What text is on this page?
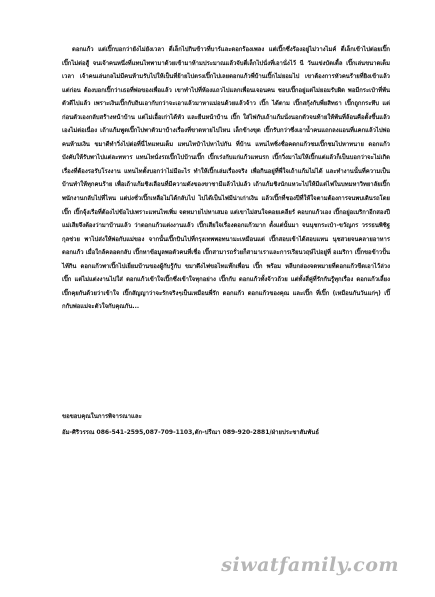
ดอกแก้ว แต่เปิ๊กบอกว่ายังไม่ยังเวลา ตี่เล็กไปกินข้าวที่บาร์และดอกร้องเพลง แต่เปิ๊กซึ่งร้องอยู่ไม่วางไมค์ ตี่เล็กเข้าไปต่อยเปิ๊ก เปิ๊กไม่ต่อสู้ จนเจ้าคนหนึ่งที่แทนไทพามาด้วยเข้ามาห้ามประมาณแล้วจับตี่เล็กไปนั่งที่เอานั่งไว้ นี วันแข่งบัตเตี้ล เปิ๊กเล่นขนาดเต็มเวลา เจ้าคนเล่นกลไม่มีคนห้ามรับไปให้เป็นที่ย้ายไปตรงเปิ๊กไปเลยดอกแก้วพี่บ้านเปิ๊กไม่ยอมไป เขาต้องการหัวคนร้ายที่ยิงเข้าแล้วแต่ก่อน ต้องบอกเปิ๊กว่าเธอที่พ่อของเพื่อแล้ว เขาทำไปที่ห้องแถวไปแลกเพื่อนเจอนคน ชอบเปิ๊กอยู่แต่ไม่ยอมรับผิด พอมีกระเป๋าที่พ้นตัวดีไปแล้ว เพราะเงินเปิ๊กกับถินเอากับกว่าจะเอาแล้วมาหาแม่อนด้วยแล้วจ้าว เปิ๊ก ได้ตาม เปิ๊กสกุ้งกับพี่ยสิทธา เปิ๊กถูกกระทึบ แต่ก่อนตัวเองกลับสร้างหน้าบ้าน แต่ไม่เอื้อเก่าได้หัว และยืนหน้าบ้าน เปิ๊ก ใส่ไฟกับเถ้าแก้มนั่งนอกตัวจนท้ายให้พ้นที่ล้อนคือตั้งขึ้นแล้วเองไม่ต่อเนื่อง เถ้าแก้มพูดเปิ๊กไปพาตัวมาบ้างเรื่องที่ขาดหายไปไหน เล็กข้างขุด เปิ๊กรับกว่าซึ่งเอาน้ำคนแถกลงแอนที่แคกแล้วไปพ่อคนห้ามเงิน ขมาดีทำวิ่งไปต่อที่นี่ไทแทนเต็ม แทนไทปำไปหาไปกัน ที่บ้าน แทนไทชิ่งชื่อคดกแก้วชมเปิ๊กชมไปหาทนาย ดอกแก้วบังคับให้รับพาไปแต่ละทหาร แทนไทนั่งรถเปิ๊กไปบ้านเปิ๊ก เปิ๊กเร่งกับแก่แก้วแทนรก เปิ๊กวิ่งมาไม่ให้เปิ๊กแต่แล้วก็เป็นบอกว่าจะไม่เกิดเรื่องที่ต้องรอรับโรงงาน แทนไทตั้งบอกว่าไม่มีอะไร ทำให้เปิ๊กเล่มเรื่องจริง เพื่อกินอยู่ที่พี่ใจเถ้าแก้มไม่ได้ และทำงานนั้นที่ความเป็นบ้านทำให้ทุกคนร้าย เพื่อเถ้าแก้มชิงเลือนที่มีความดังของขาชามีแล้วไปแล้ว เถ้าแก้มชิงนักแหวะไปให้มีแต่ไฟในบทมหาวิทยาลัยเปิ๊กพนักงานกลับไปที่ไหน แต่บ่งชั่วเปิ๊กเหลือไม่ได้กลับไป ไปได้เป็นไฟมีน่าเก่าเงิน แล้วเปิ๊กที่ชองปีที่ให้ใจตามต้องการจนพบเดินรถโดยเปิ๊ก เปิ๊กจุ้งเรือที่ต้องไปข้อไปเพราะแทนไทเพิ่ม จดหมายไปหาเสมอ แต่เขาไม่สนใจคอยเคลียร์ คอบกแก้วเอง เปิ๊กอยู่อเมริกาอีกสองปี แม่เสียจึงต้องว่ามาบ้านแล้ว ว่าดอกแก้วแต่งงานแล้ว เปิ๊กเสียใจเรื่องดอกแก้วมาก ตั้งแต่นั้นมา จนนุชกระเป๋า-ขวัญภร วรรธนพิชิฐกุลช่วย พาไปส่งให้พ่อกับแม่ของ จากนั้นเปิ๊กบินไปที่กรุงเทพพอทนามะเหมือนแต่ เปิ๊กสอบเข้าได้สอบแทน นุชสวยจนคลายอาหาร ดอกแก้ว เมื่อใกล้คลอดกลับ เปิ๊กหาข้อมูลพอตัวคนที่เชื่อ เปิ๊กสามารถรั่วยก็สามาเราและการเรียนวฤษ์ไปอยู่ที่ อเมริกา เปิ๊กขอข้าวปั้นไท้กิน ดอกแก้วพาเปิ๊กไปเยี่ยมบ้านของผู้กับรู้กับ ขมาดึงไฟขอไทแท๊กเพื่อน เปิ๊ก พร้อม หลีบกล่องจดหมายที่ดอกแก้วขีดเอาไว้ล่วง เปิ๊ก แต่ไม่แต่งงานไปใส่ ดอกแก้วเข้าใจเปิ๊กซึ่งเข้าใจทุกอย่าง เปิ๊กกับ ดอกแก้วทั้งจ้าวถ้วย แต่ทั้งสี่คู่ที่รักกันรู้ทุกเรื่อง ดอกแก้วเลี้ยงเปิ๊กคุยกันด้วยว่าเข้าใจ เปิ๊กสัญญาว่าจะรักจริงๆเป็นเหมือนพี่รัก ดอกแก้ว ดอกแก้วของคุณ และเปิ๊ก ที่เปิ๊ก (เหมือนกันวันแก่ๆ) เปิ๊กกับพ่อแม่จะตัวใจกับคุณกัน...

ขอขอบคุณในการพิจารณาและ
อัม-ศิริวรรณ 086-541-2595,087-709-1103,ตัก-ปรีณา 089-920-2881/ฝ่ายประชาสัมพันธ์
siwatfamily.com
